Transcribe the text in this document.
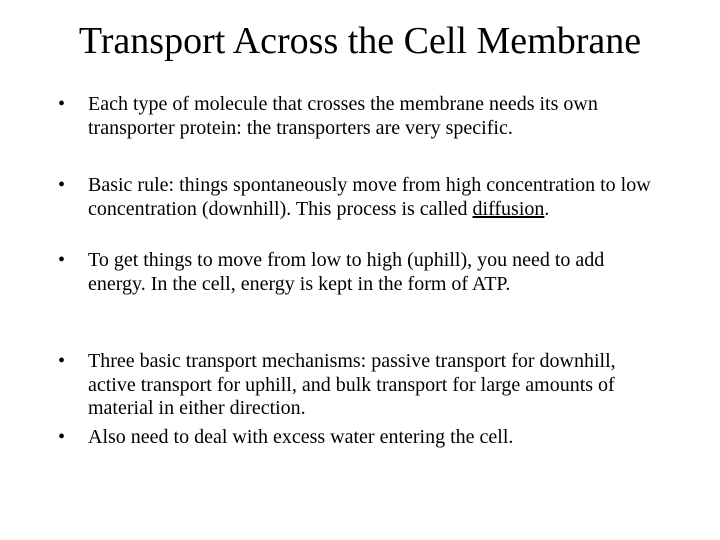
Transport Across the Cell Membrane
•	Each type of molecule that crosses the membrane needs its own transporter protein: the transporters are very specific.
•	Basic rule: things spontaneously move from high concentration to low concentration (downhill). This process is called diffusion.
•	To get things to move from low to high (uphill), you need to add energy. In the cell, energy is kept in the form of ATP.
•	Three basic transport mechanisms: passive transport for downhill, active transport for uphill, and bulk transport for large amounts of material in either direction.
•	Also need to deal with excess water entering the cell.
